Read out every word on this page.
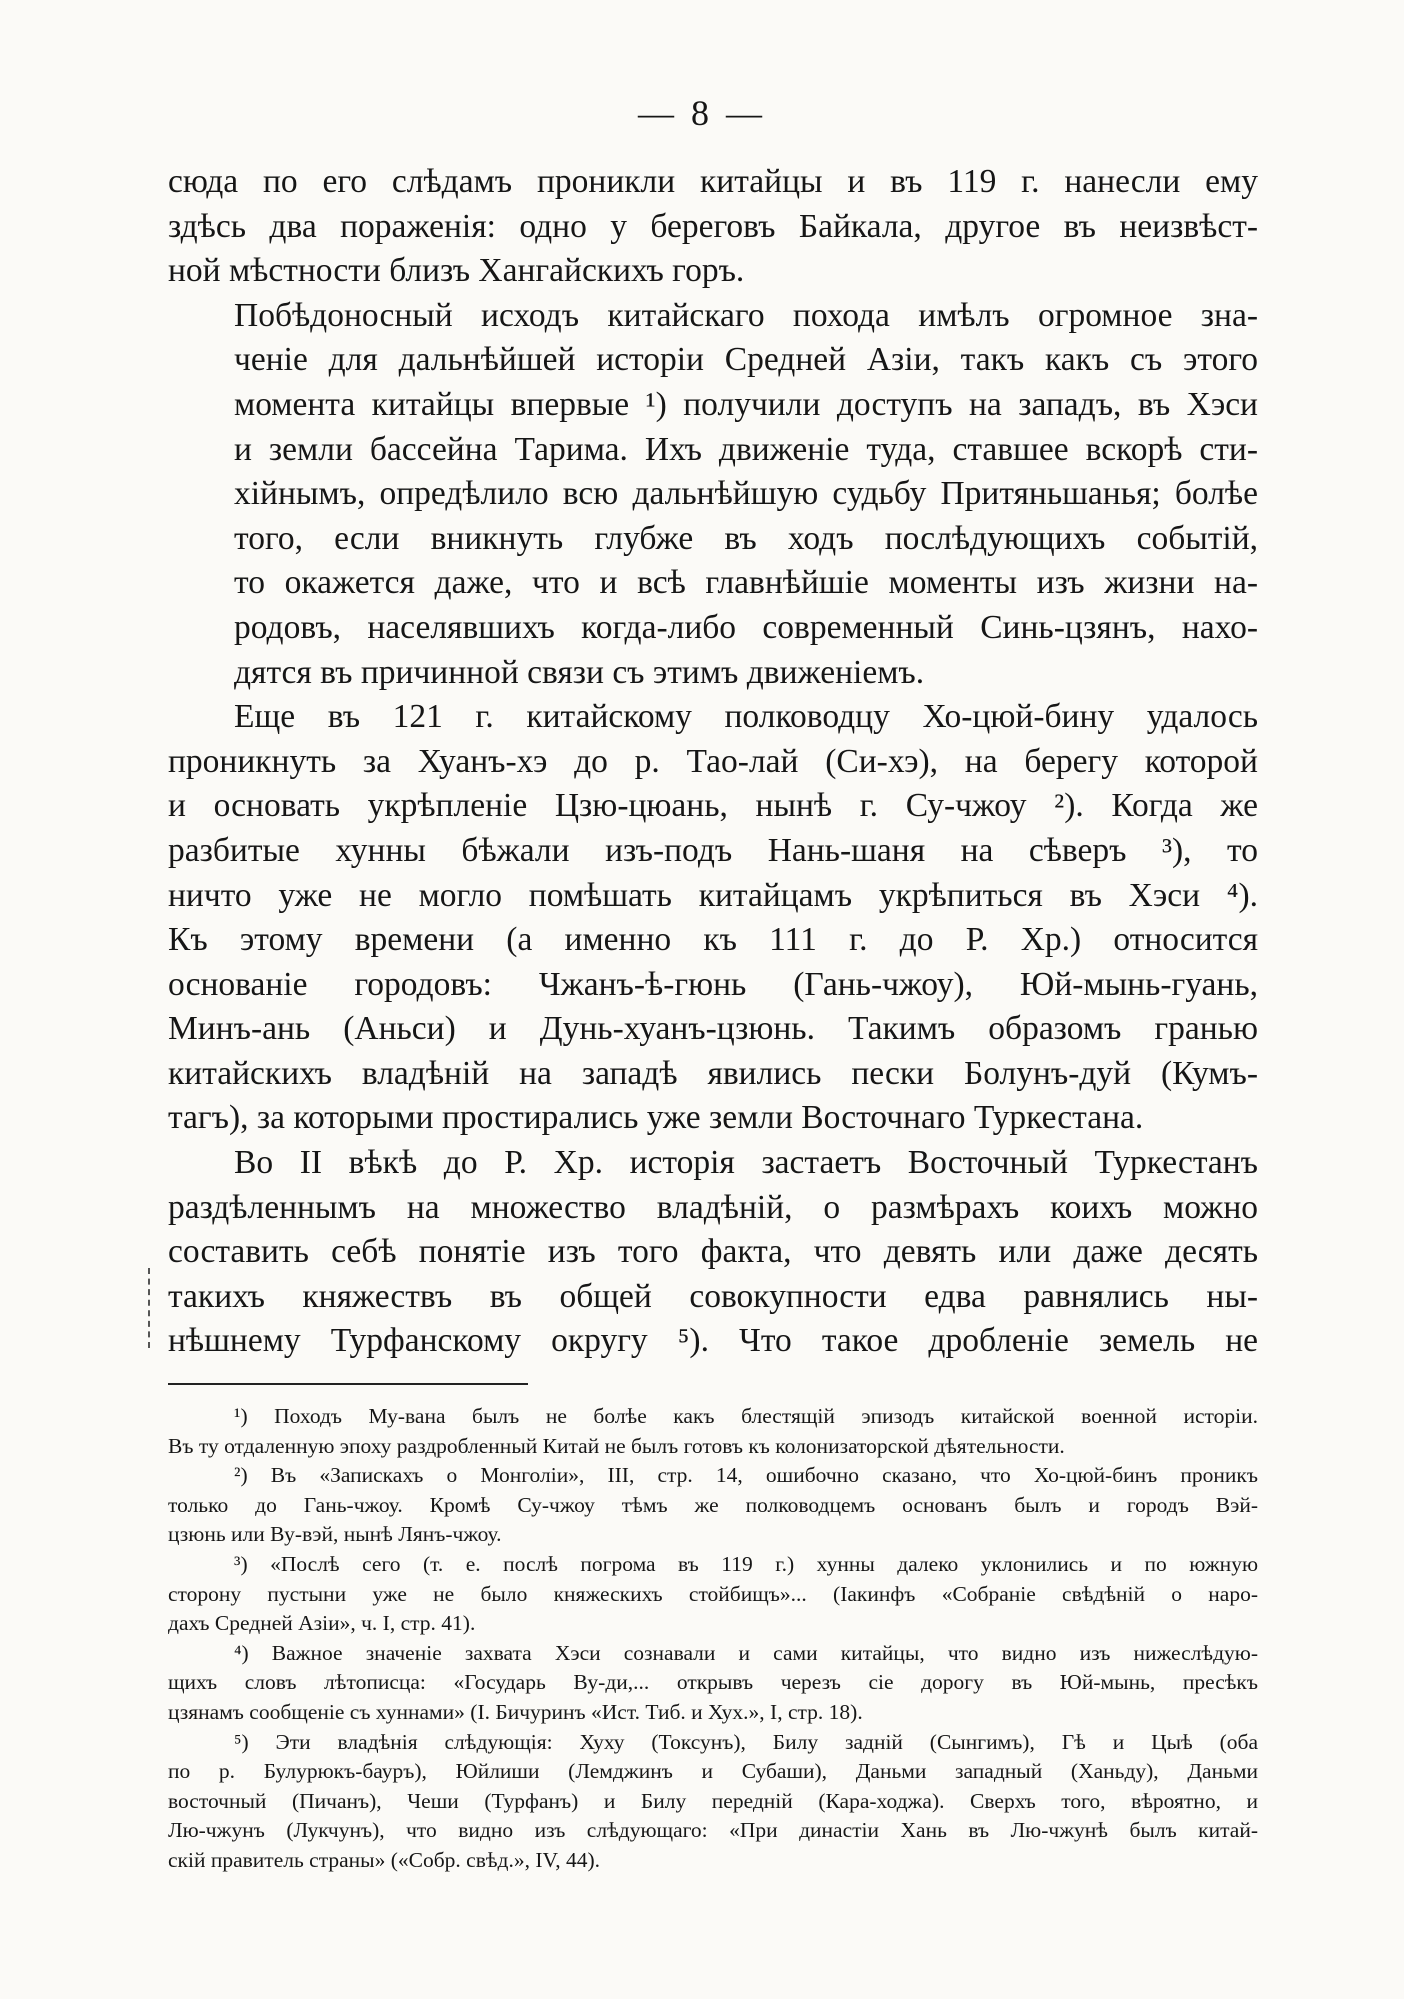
— 8 —

сюда по его слѣдамъ проникли китайцы и въ 119 г. нанесли ему
здѣсь два пораженія: одно у береговъ Байкала, другое въ неизвѣст-
ной мѣстности близъ Хангайскихъ горъ.

Побѣдоносный исходъ китайскаго похода имѣлъ огромное зна-
ченіе для дальнѣйшей исторіи Средней Азіи, такъ какъ съ этого
момента китайцы впервые ¹) получили доступъ на западъ, въ Хэси
и земли бассейна Тарима. Ихъ движеніе туда, ставшее вскорѣ сти-
хійнымъ, опредѣлило всю дальнѣйшую судьбу Притяньшанья; болѣе
того, если вникнуть глубже въ ходъ послѣдующихъ событій,
то окажется даже, что и всѣ главнѣйшіе моменты изъ жизни на-
родовъ, населявшихъ когда-либо современный Синь-цзянъ, нахо-
дятся въ причинной связи съ этимъ движеніемъ.

Еще въ 121 г. китайскому полководцу Хо-цюй-бину удалось
проникнуть за Хуанъ-хэ до р. Тао-лай (Си-хэ), на берегу которой
и основать укрѣпленіе Цзю-цюань, нынѣ г. Су-чжоу ²). Когда же
разбитые хунны бѣжали изъ-подъ Нань-шаня на сѣверъ ³), то
ничто уже не могло помѣшать китайцамъ укрѣпиться въ Хэси ⁴).
Къ этому времени (а именно къ 111 г. до Р. Хр.) относится
основаніе городовъ: Чжанъ-ѣ-гюнь (Гань-чжоу), Юй-мынь-гуань,
Минъ-ань (Аньси) и Дунь-хуанъ-цзюнь. Такимъ образомъ гранью
китайскихъ владѣній на западѣ явились пески Болунъ-дуй (Кумъ-
тагъ), за которыми простирались уже земли Восточнаго Туркестана.

Во II вѣкѣ до Р. Хр. исторія застаетъ Восточный Туркестанъ
раздѣленнымъ на множество владѣній, о размѣрахъ коихъ можно
составить себѣ понятіе изъ того факта, что девять или даже десять
такихъ княжествъ въ общей совокупности едва равнялись ны-
нѣшнему Турфанскому округу ⁵). Что такое дробленіе земель не

¹) Походъ Му-вана былъ не болѣе какъ блестящій эпизодъ китайской военной исторіи.
Въ ту отдаленную эпоху раздробленный Китай не былъ готовъ къ колонизаторской дѣятельности.

²) Въ «Запискахъ о Монголіи», III, стр. 14, ошибочно сказано, что Хо-цюй-бинъ проникъ
только до Гань-чжоу. Кромѣ Су-чжоу тѣмъ же полководцемъ основанъ былъ и городъ Вэй-
цзюнь или Ву-вэй, нынѣ Лянъ-чжоу.

³) «Послѣ сего (т. е. послѣ погрома въ 119 г.) хунны далеко уклонились и по южную
сторону пустыни уже не было княжескихъ стойбищъ»... (Іакинфъ «Собраніе свѣдѣній о наро-
дахъ Средней Азіи», ч. I, стр. 41).

⁴) Важное значеніе захвата Хэси сознавали и сами китайцы, что видно изъ нижеслѣдую-
щихъ словъ лѣтописца: «Государь Ву-ди,... открывъ черезъ сіе дорогу въ Юй-мынь, пресѣкъ
цзянамъ сообщеніе съ хуннами» (І. Бичуринъ «Ист. Тиб. и Хух.», I, стр. 18).

⁵) Эти владѣнія слѣдующія: Хуху (Токсунъ), Билу задній (Сынгимъ), Гѣ и Цыѣ (оба
по р. Булурюкъ-бауръ), Юйлиши (Лемджинъ и Субаши), Даньми западный (Ханьду), Даньми
восточный (Пичанъ), Чеши (Турфанъ) и Билу передній (Кара-ходжа). Сверхъ того, вѣроятно, и
Лю-чжунъ (Лукчунъ), что видно изъ слѣдующаго: «При династіи Хань въ Лю-чжунѣ былъ китай-
скій правитель страны» («Собр. свѣд.», IV, 44).
